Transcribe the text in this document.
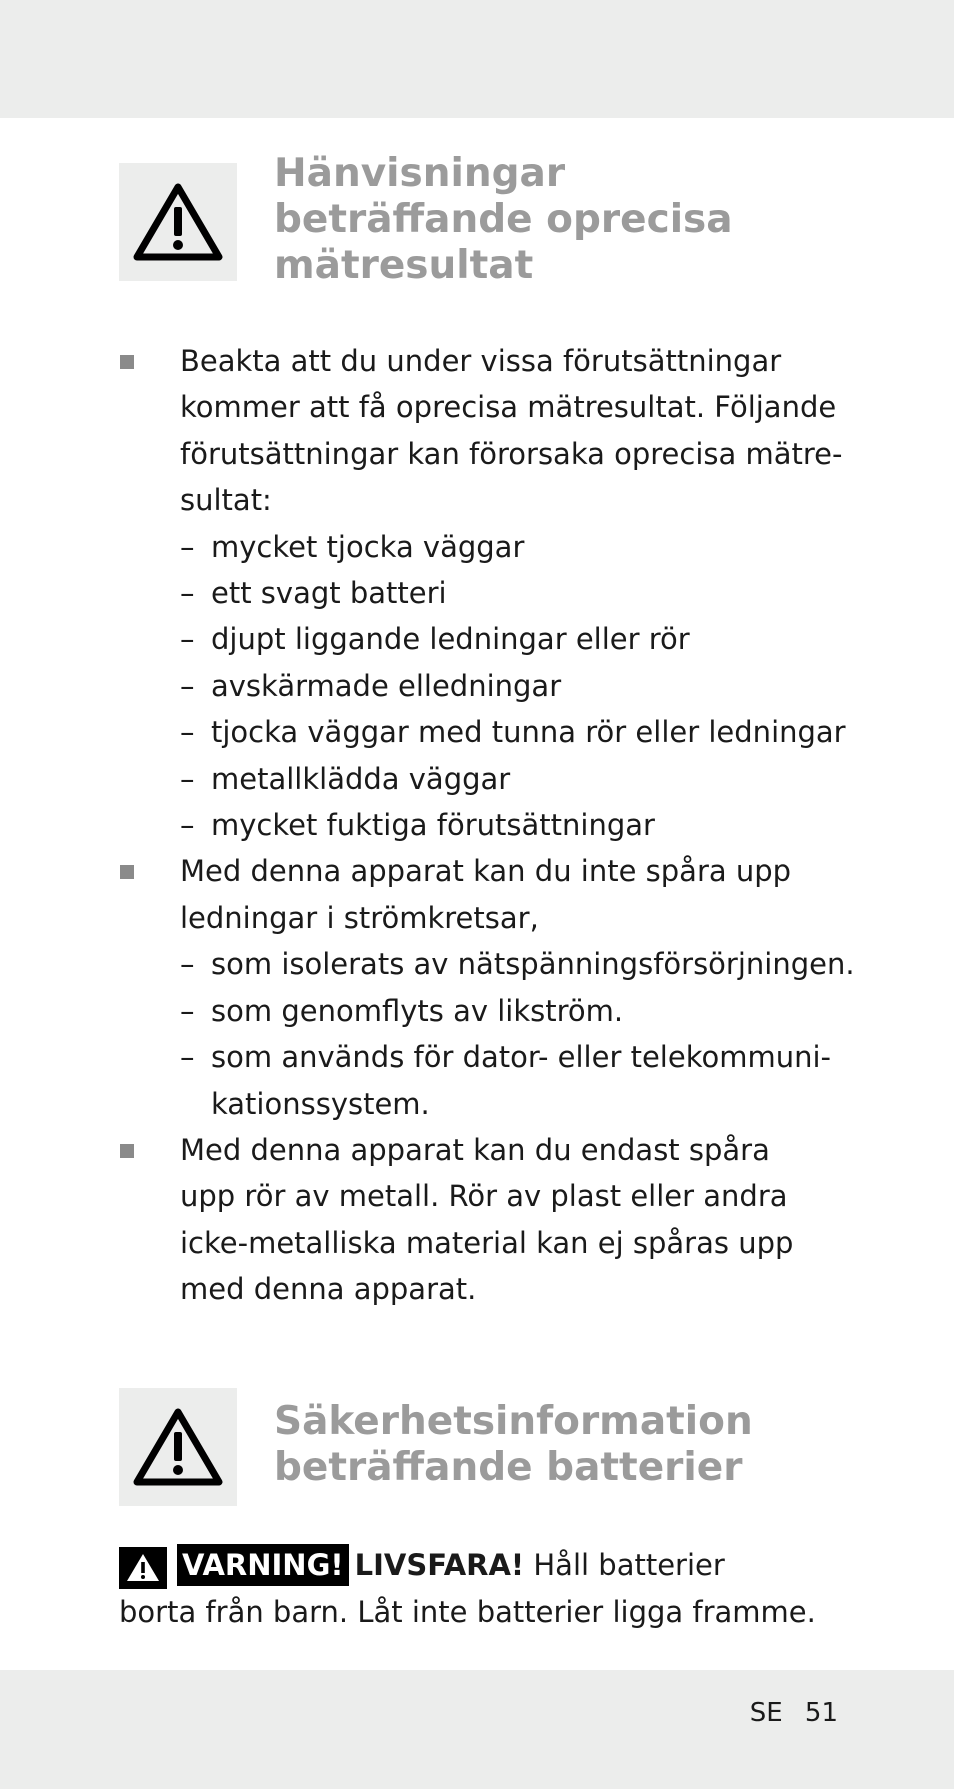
Hänvisningar
beträffande oprecisa
mätresultat
Beakta att du under vissa förutsättningar
kommer att få oprecisa mätresultat. Följande
förutsättningar kan förorsaka oprecisa mätre-
sultat:
– mycket tjocka väggar
– ett svagt batteri
– djupt liggande ledningar eller rör
– avskärmade elledningar
– tjocka väggar med tunna rör eller ledningar
– metallklädda väggar
– mycket fuktiga förutsättningar
Med denna apparat kan du inte spåra upp
ledningar i strömkretsar,
– som isolerats av nätspänningsförsörjningen.
– som genomflyts av likström.
– som används för dator- eller telekommuni-
kationssystem.
Med denna apparat kan du endast spåra
upp rör av metall. Rör av plast eller andra
icke-metalliska material kan ej spåras upp
med denna apparat.
Säkerhetsinformation
beträffande batterier
VARNING! LIVSFARA! Håll batterier
borta från barn. Låt inte batterier ligga framme.
SE 51
